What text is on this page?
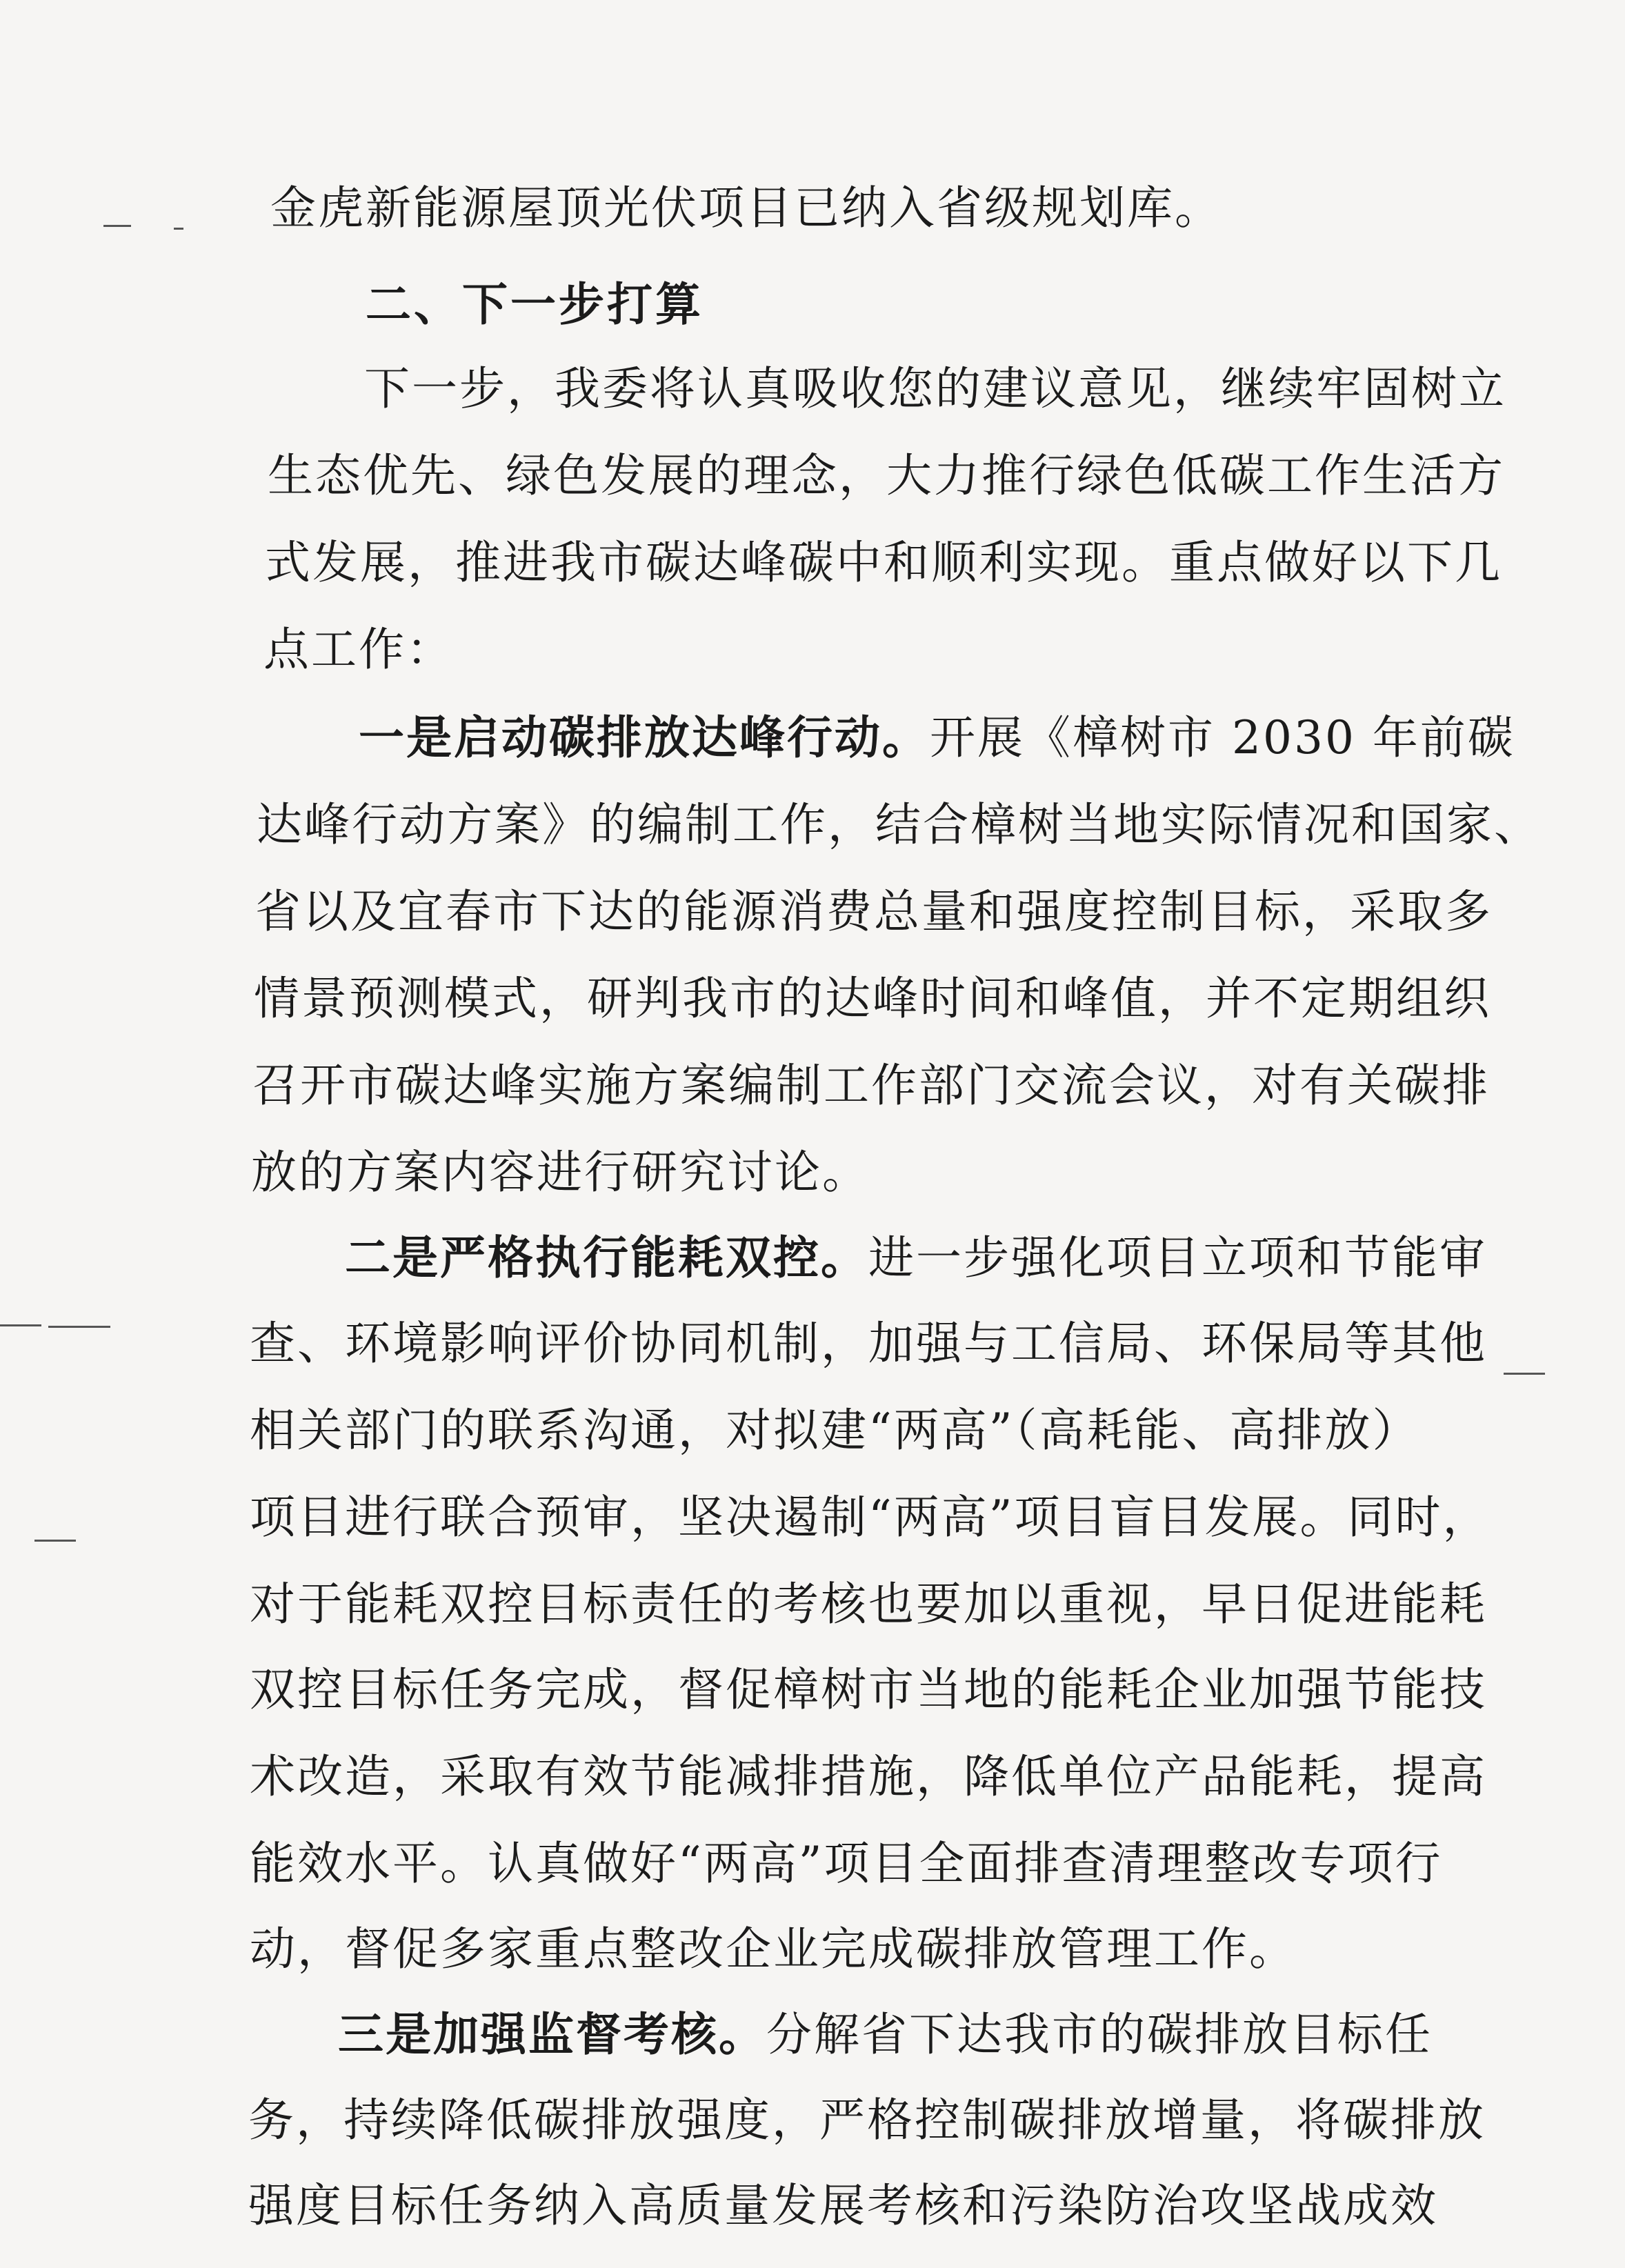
金虎新能源屋顶光伏项目已纳入省级规划库。
二、下一步打算
下一步，我委将认真吸收您的建议意见，继续牢固树立
生态优先、绿色发展的理念，大力推行绿色低碳工作生活方
式发展，推进我市碳达峰碳中和顺利实现。重点做好以下几
点工作：
一是启动碳排放达峰行动。开展《樟树市 2030 年前碳
达峰行动方案》的编制工作，结合樟树当地实际情况和国家、
省以及宜春市下达的能源消费总量和强度控制目标，采取多
情景预测模式，研判我市的达峰时间和峰值，并不定期组织
召开市碳达峰实施方案编制工作部门交流会议，对有关碳排
放的方案内容进行研究讨论。
二是严格执行能耗双控。进一步强化项目立项和节能审
查、环境影响评价协同机制，加强与工信局、环保局等其他
相关部门的联系沟通，对拟建“两高”（高耗能、高排放）
项目进行联合预审，坚决遏制“两高”项目盲目发展。同时，
对于能耗双控目标责任的考核也要加以重视，早日促进能耗
双控目标任务完成，督促樟树市当地的能耗企业加强节能技
术改造，采取有效节能减排措施，降低单位产品能耗，提高
能效水平。认真做好“两高”项目全面排查清理整改专项行
动，督促多家重点整改企业完成碳排放管理工作。
三是加强监督考核。分解省下达我市的碳排放目标任
务，持续降低碳排放强度，严格控制碳排放增量，将碳排放
强度目标任务纳入高质量发展考核和污染防治攻坚战成效
